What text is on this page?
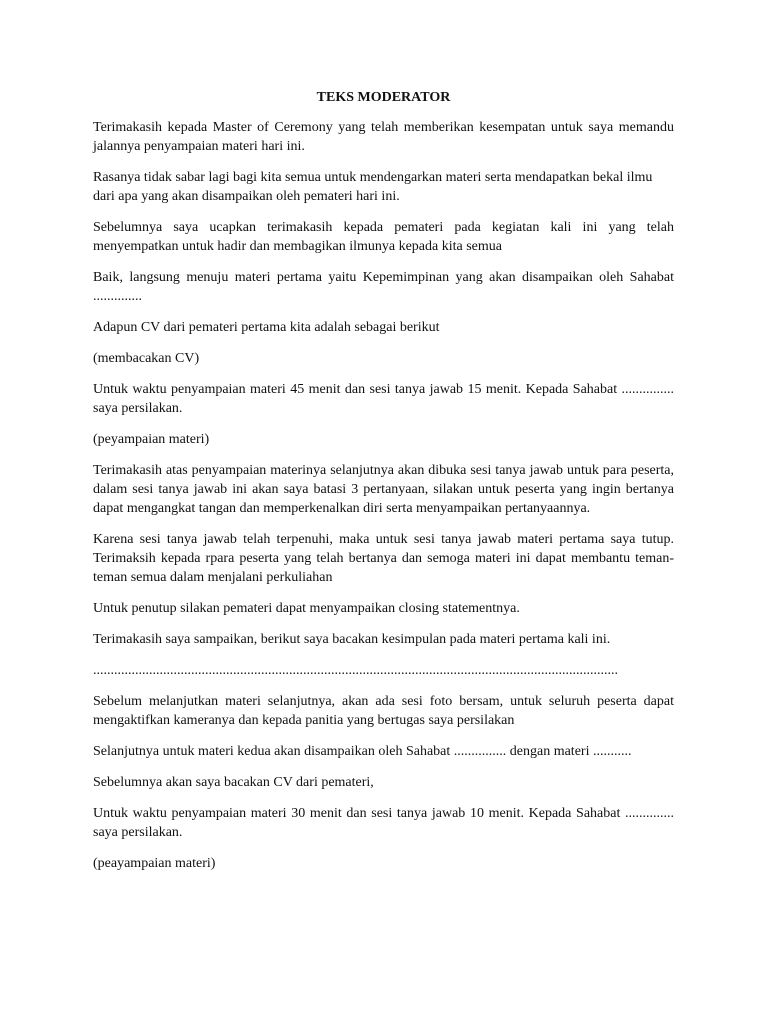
TEKS MODERATOR

Terimakasih kepada Master of Ceremony yang telah memberikan kesempatan untuk saya memandu jalannya penyampaian materi hari ini.

Rasanya tidak sabar lagi bagi kita semua untuk mendengarkan materi serta mendapatkan bekal ilmu dari apa yang akan disampaikan oleh pemateri hari ini.

Sebelumnya saya ucapkan terimakasih kepada pemateri pada kegiatan kali ini yang telah menyempatkan untuk hadir dan membagikan ilmunya kepada kita semua

Baik, langsung menuju materi pertama yaitu Kepemimpinan yang akan disampaikan oleh Sahabat ..............

Adapun CV dari pemateri pertama kita adalah sebagai berikut

(membacakan CV)

Untuk waktu penyampaian materi 45 menit dan sesi tanya jawab 15 menit. Kepada Sahabat ............... saya persilakan.

(peyampaian materi)

Terimakasih atas penyampaian materinya selanjutnya akan dibuka sesi tanya jawab untuk para peserta, dalam sesi tanya jawab ini akan saya batasi 3 pertanyaan, silakan untuk peserta yang ingin bertanya dapat mengangkat tangan dan memperkenalkan diri serta menyampaikan pertanyaannya.

Karena sesi tanya jawab telah terpenuhi, maka untuk sesi tanya jawab materi pertama saya tutup. Terimaksih kepada rpara peserta yang telah bertanya dan semoga materi ini dapat membantu teman-teman semua dalam menjalani perkuliahan

Untuk penutup silakan pemateri dapat menyampaikan closing statementnya.

Terimakasih saya sampaikan, berikut saya bacakan kesimpulan pada materi pertama kali ini.

......................................................................................................................................................

Sebelum melanjutkan materi selanjutnya, akan ada sesi foto bersam, untuk seluruh peserta dapat mengaktifkan kameranya dan kepada panitia yang bertugas saya persilakan

Selanjutnya untuk materi kedua akan disampaikan oleh Sahabat ............... dengan materi ...........

Sebelumnya akan saya bacakan CV dari pemateri,

Untuk waktu penyampaian materi 30 menit dan sesi tanya jawab 10 menit. Kepada Sahabat .............. saya persilakan.

(peayampaian materi)
